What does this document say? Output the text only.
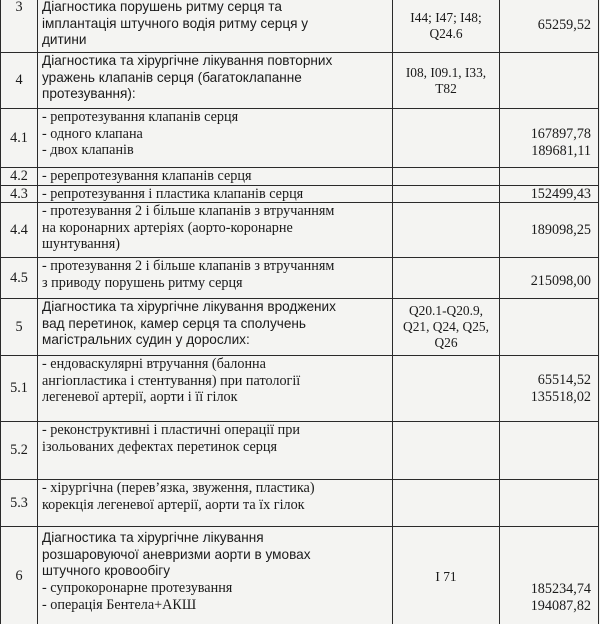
3	Діагностика порушень ритму серця та
імплантація штучного водія ритму серця у
дитини	I44; I47; I48;
Q24.6	65259,52

4	Діагностика та хірургічне лікування повторних
уражень клапанів серця (багатоклапанне
протезування):	I08, I09.1, I33,
T82	

4.1	- репротезування клапанів серця
- одного клапана
- двох клапанів		167897,78
189681,11

4.2	- ререпротезування клапанів серця		

4.3	- репротезування і пластика клапанів серця		152499,43

4.4	- протезування 2 і більше клапанів з втручанням
на коронарних артеріях (аорто-коронарне
шунтування)		189098,25

4.5	- протезування 2 і більше клапанів з втручанням
з приводу порушень ритму серця		215098,00

5	Діагностика та хірургічне лікування вроджених
вад перетинок, камер серця та сполучень
магістральних судин у дорослих:	Q20.1-Q20.9,
Q21, Q24, Q25,
Q26	

5.1	- ендоваскулярні втручання (балонна
ангіопластика і стентування) при патології
легеневої артерії, аорти і її гілок		65514,52
135518,02

5.2	- реконструктивні і пластичні операції при
ізольованих дефектах перетинок серця		

5.3	- хірургічна (перев’язка, звуження, пластика)
корекція легеневої артерії, аорти та їх гілок		

6	Діагностика та хірургічне лікування
розшаровуючої аневризми аорти в умовах
штучного кровообігу
- супрокоронарне протезування
- операція Бентела+АКШ	I 71	185234,74
194087,82
